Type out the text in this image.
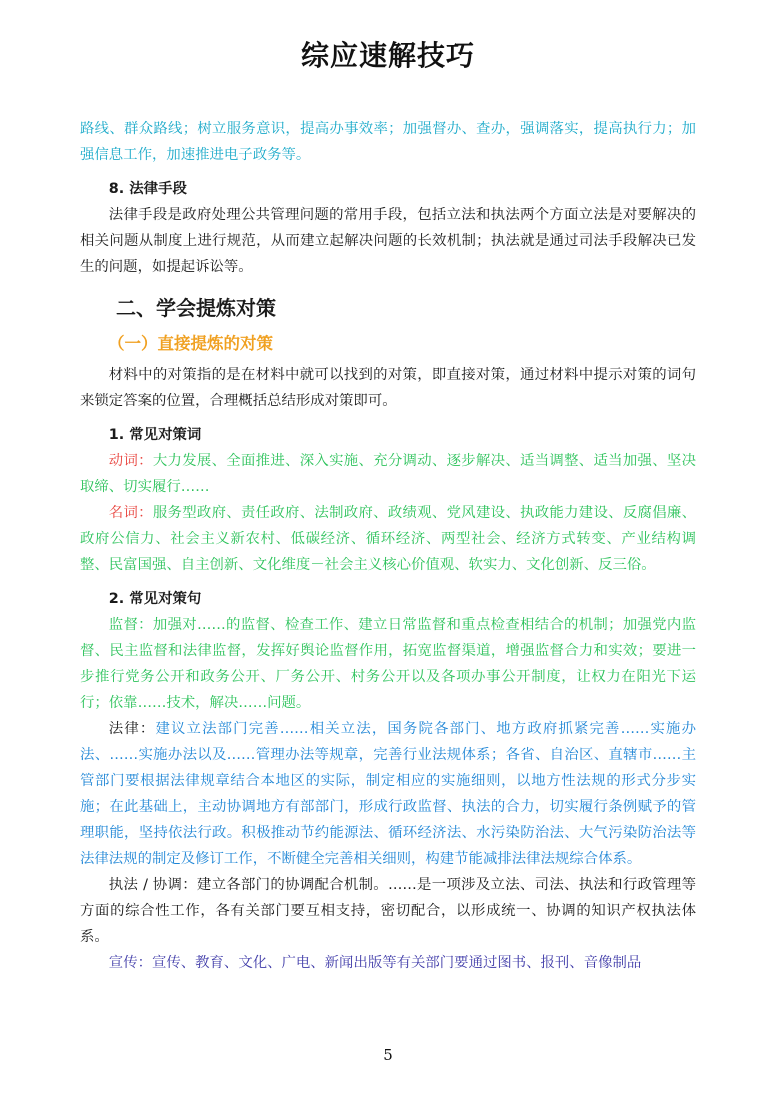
综应速解技巧

路线、群众路线；树立服务意识，提高办事效率；加强督办、查办，强调落实，提高执行力；加强信息工作，加速推进电子政务等。

8. 法律手段

法律手段是政府处理公共管理问题的常用手段，包括立法和执法两个方面立法是对要解决的相关问题从制度上进行规范，从而建立起解决问题的长效机制；执法就是通过司法手段解决已发生的问题，如提起诉讼等。

二、学会提炼对策

（一）直接提炼的对策

材料中的对策指的是在材料中就可以找到的对策，即直接对策，通过材料中提示对策的词句来锁定答案的位置，合理概括总结形成对策即可。

1. 常见对策词

动词：大力发展、全面推进、深入实施、充分调动、逐步解决、适当调整、适当加强、坚决取缔、切实履行……

名词：服务型政府、责任政府、法制政府、政绩观、党风建设、执政能力建设、反腐倡廉、政府公信力、社会主义新农村、低碳经济、循环经济、两型社会、经济方式转变、产业结构调整、民富国强、自主创新、文化维度－社会主义核心价值观、软实力、文化创新、反三俗。

2. 常见对策句

监督：加强对……的监督、检查工作、建立日常监督和重点检查相结合的机制；加强党内监督、民主监督和法律监督，发挥好舆论监督作用，拓宽监督渠道，增强监督合力和实效；要进一步推行党务公开和政务公开、厂务公开、村务公开以及各项办事公开制度，让权力在阳光下运行；依靠……技术，解决……问题。

法律：建议立法部门完善……相关立法，国务院各部门、地方政府抓紧完善……实施办法、……实施办法以及……管理办法等规章，完善行业法规体系；各省、自治区、直辖市……主管部门要根据法律规章结合本地区的实际，制定相应的实施细则，以地方性法规的形式分步实施；在此基础上，主动协调地方有部部门，形成行政监督、执法的合力，切实履行条例赋予的管理职能，坚持依法行政。积极推动节约能源法、循环经济法、水污染防治法、大气污染防治法等法律法规的制定及修订工作，不断健全完善相关细则，构建节能减排法律法规综合体系。

执法 / 协调：建立各部门的协调配合机制。……是一项涉及立法、司法、执法和行政管理等方面的综合性工作，各有关部门要互相支持，密切配合，以形成统一、协调的知识产权执法体系。

宣传：宣传、教育、文化、广电、新闻出版等有关部门要通过图书、报刊、音像制品

5
